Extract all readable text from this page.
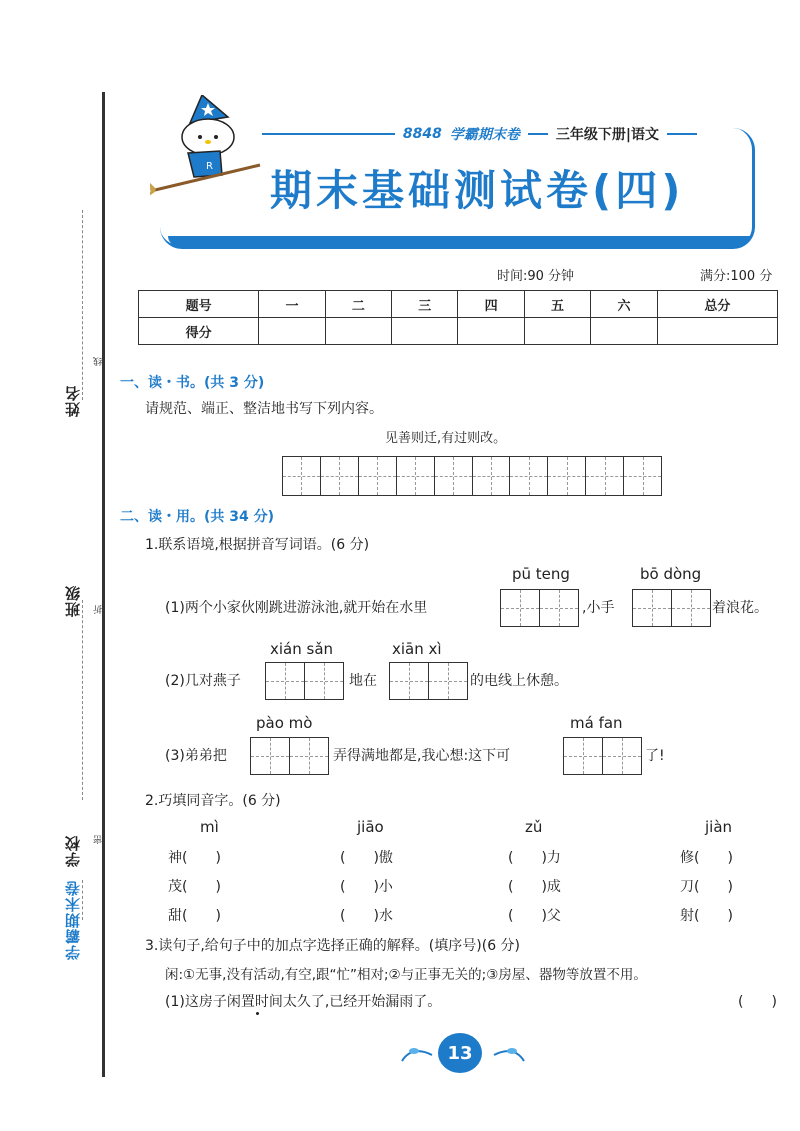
姓名
班级
学校
学霸期末卷
线
折
密
R
8848 学霸期末卷	三年级下册|语文
期末基础测试卷(四)
时间:90 分钟	满分:100 分
题号	一	二	三	四	五	六	总分
得分							
一、读・书。(共 3 分)
请规范、端正、整洁地书写下列内容。
见善则迁,有过则改。
二、读・用。(共 34 分)
1.联系语境,根据拼音写词语。(6 分)
pū teng	bō dòng
(1)两个小家伙刚跳进游泳池,就开始在水里	,小手	着浪花。
xián sǎn	xiān xì
(2)几对燕子	地在	的电线上休憩。
pào mò	má fan
(3)弟弟把	弄得满地都是,我心想:这下可	了!
2.巧填同音字。(6 分)
mì	jiāo	zǔ	jiàn
神(　　)	(　　)傲	(　　)力	修(　　)
茂(　　)	(　　)小	(　　)成	刀(　　)
甜(　　)	(　　)水	(　　)父	射(　　)
3.读句子,给句子中的加点字选择正确的解释。(填序号)(6 分)
闲:①无事,没有活动,有空,跟“忙”相对;②与正事无关的;③房屋、器物等放置不用。
(1)这房子闲置时间太久了,已经开始漏雨了。	(　　)
13
